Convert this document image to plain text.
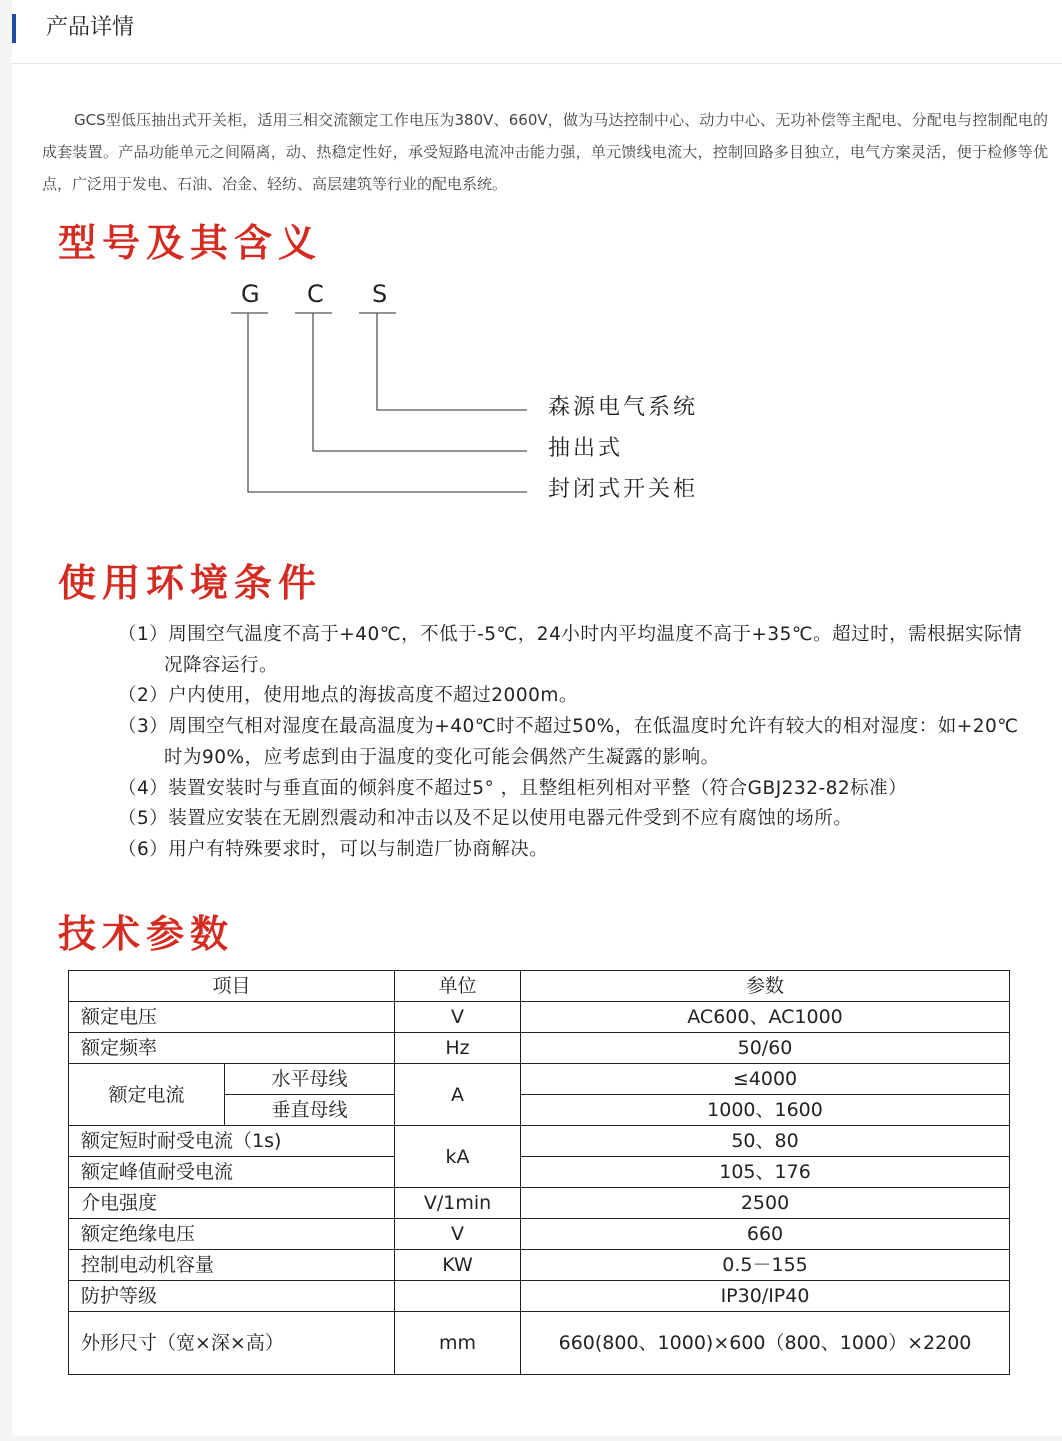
产品详情
GCS型低压抽出式开关柜，适用三相交流额定工作电压为380V、660V，做为马达控制中心、动力中心、无功补偿等主配电、分配电与控制配电的成套装置。产品功能单元之间隔离，动、热稳定性好，承受短路电流冲击能力强，单元馈线电流大，控制回路多目独立，电气方案灵活，便于检修等优点，广泛用于发电、石油、冶金、轻纺、高层建筑等行业的配电系统。
型号及其含义
G C S
森源电气系统
抽出式
封闭式开关柜
使用环境条件
（1）周围空气温度不高于+40℃，不低于-5℃，24小时内平均温度不高于+35℃。超过时，需根据实际情况降容运行。
（2）户内使用，使用地点的海拔高度不超过2000m。
（3）周围空气相对湿度在最高温度为+40℃时不超过50%，在低温度时允许有较大的相对湿度：如+20℃时为90%，应考虑到由于温度的变化可能会偶然产生凝露的影响。
（4）装置安装时与垂直面的倾斜度不超过5° ，且整组柜列相对平整（符合GBJ232-82标准）
（5）装置应安装在无剧烈震动和冲击以及不足以使用电器元件受到不应有腐蚀的场所。
（6）用户有特殊要求时，可以与制造厂协商解决。
技术参数
项目		单位	参数
额定电压		V	AC600、AC1000
额定频率		Hz	50/60
额定电流	水平母线	A	≤4000
	垂直母线		1000、1600
额定短时耐受电流（1s)		kA	50、80
额定峰值耐受电流			105、176
介电强度		V/1min	2500
额定绝缘电压		V	660
控制电动机容量		KW	0.5－155
防护等级			IP30/IP40
外形尺寸（宽×深×高）		mm	660(800、1000)×600（800、1000）×2200
